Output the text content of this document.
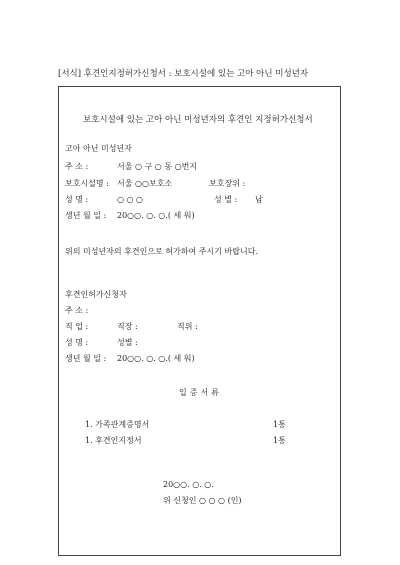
[서식] 후견인지정허가신청서 : 보호시설에 있는 고아 아닌 미성년자
보호시설에 있는 고아 아닌 미성년자의 후견인 지정허가신청서
고아 아닌 미성년자
주 소 :	서울 ○ 구 ○ 동 ○번지
보호시설명 : 서울 ○○보호소	보호장위 :
성 명 :	○ ○ ○	성 별 : 남
생년 월 일 : 20○○. ○. ○.( 세 워)
위의 미성년자의 후견인으로 허가하여 주시기 바랍니다.
후견인허가신청자
주 소 :
직 업 :	직장 :	직위 :
성 명 :	성별 :
생년 월 일 : 20○○. ○. ○.( 세 워)
입증서류
1. 가족관계증명서	1통
1. 후견인지정서	1통
20○○. ○. ○.
위 신청인 ○ ○ ○ (인)
